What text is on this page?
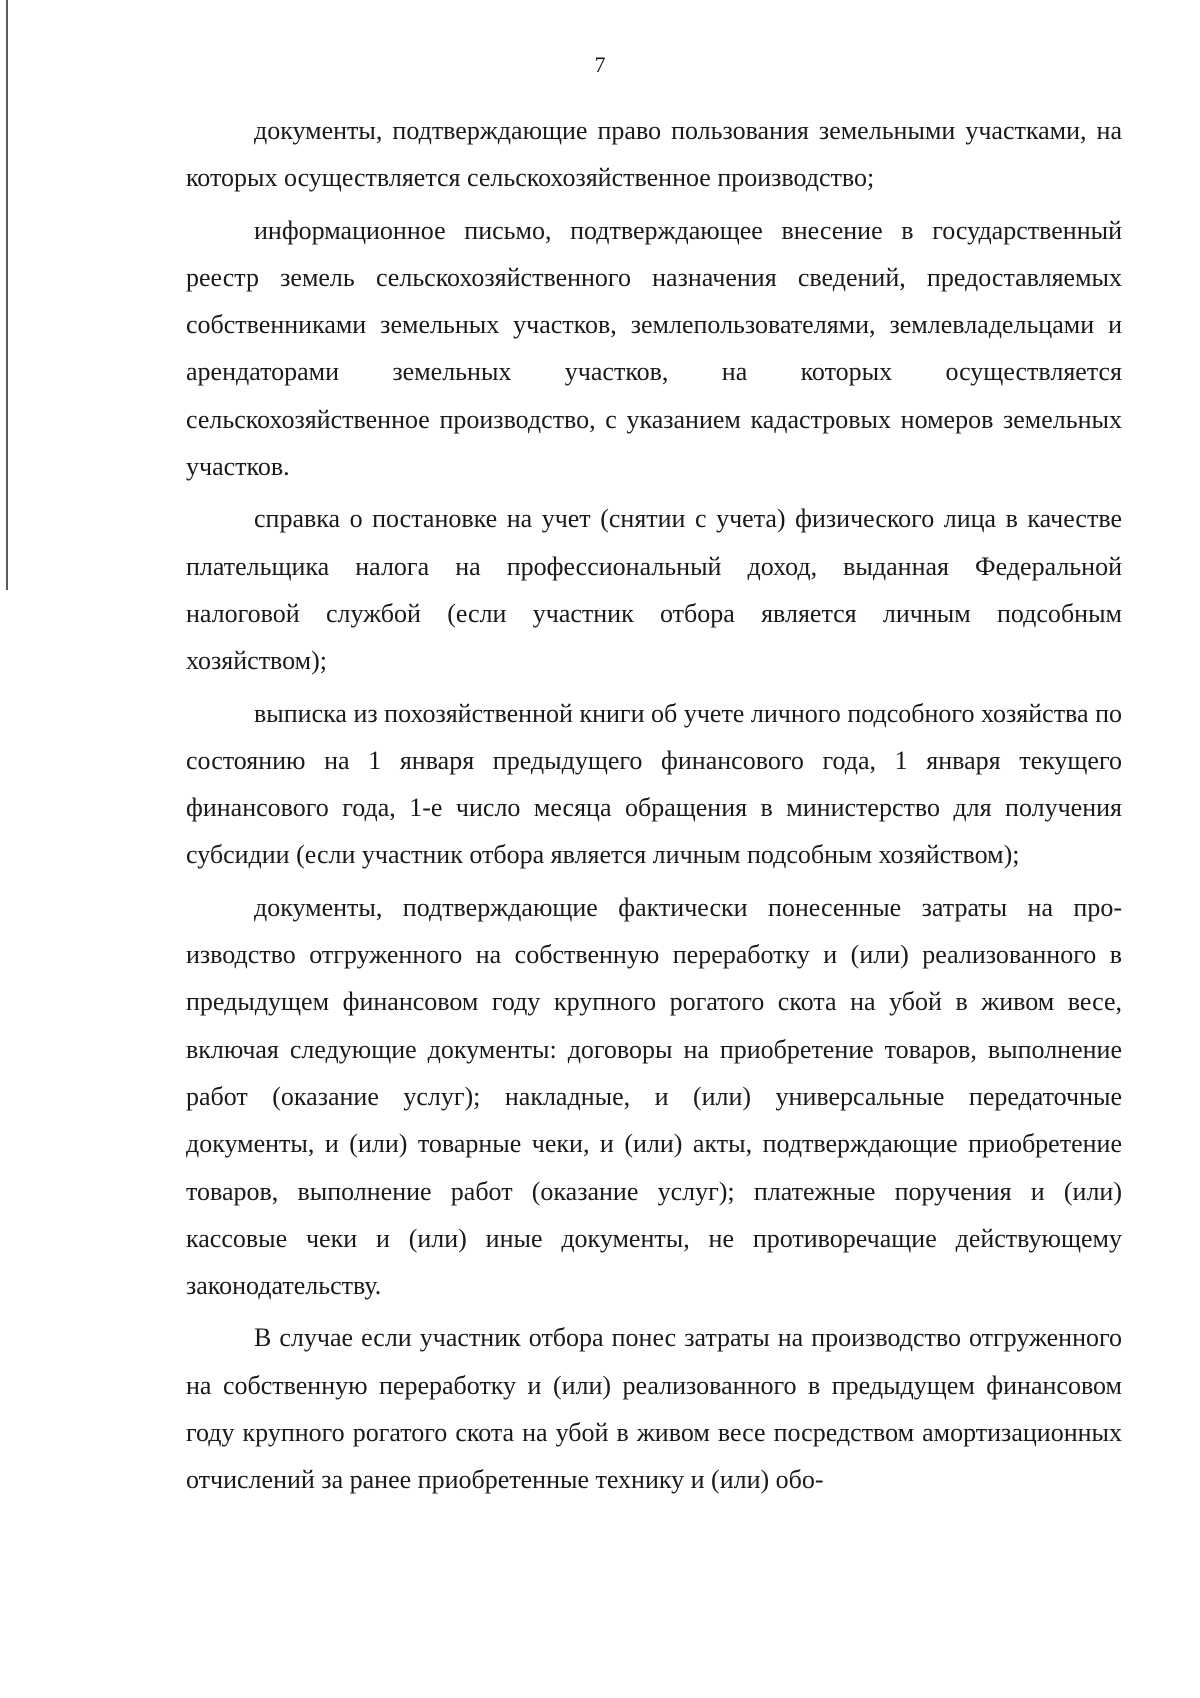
7

документы, подтверждающие право пользования земельными участками, на которых осуществляется сельскохозяйственное производство;

информационное письмо, подтверждающее внесение в государственный реестр земель сельскохозяйственного назначения сведений, предоставляемых собственниками земельных участков, землепользователями, землевладельцами и арендаторами земельных участков, на которых осуществляется сельскохозяйственное производство, с указанием кадастровых номеров земельных участков.

справка о постановке на учет (снятии с учета) физического лица в качестве плательщика налога на профессиональный доход, выданная Федеральной налоговой службой (если участник отбора является личным подсобным хозяйством);

выписка из похозяйственной книги об учете личного подсобного хозяйства по состоянию на 1 января предыдущего финансового года, 1 января текущего финансового года, 1-е число месяца обращения в министерство для получения субсидии (если участник отбора является личным подсобным хозяйством);

документы, подтверждающие фактически понесенные затраты на производство отгруженного на собственную переработку и (или) реализованного в предыдущем финансовом году крупного рогатого скота на убой в живом весе, включая следующие документы: договоры на приобретение товаров, выполнение работ (оказание услуг); накладные, и (или) универсальные передаточные документы, и (или) товарные чеки, и (или) акты, подтверждающие приобретение товаров, выполнение работ (оказание услуг); платежные поручения и (или) кассовые чеки и (или) иные документы, не противоречащие действующему законодательству.

В случае если участник отбора понес затраты на производство отгруженного на собственную переработку и (или) реализованного в предыдущем финансовом году крупного рогатого скота на убой в живом весе посредством амортизационных отчислений за ранее приобретенные технику и (или) обо-
